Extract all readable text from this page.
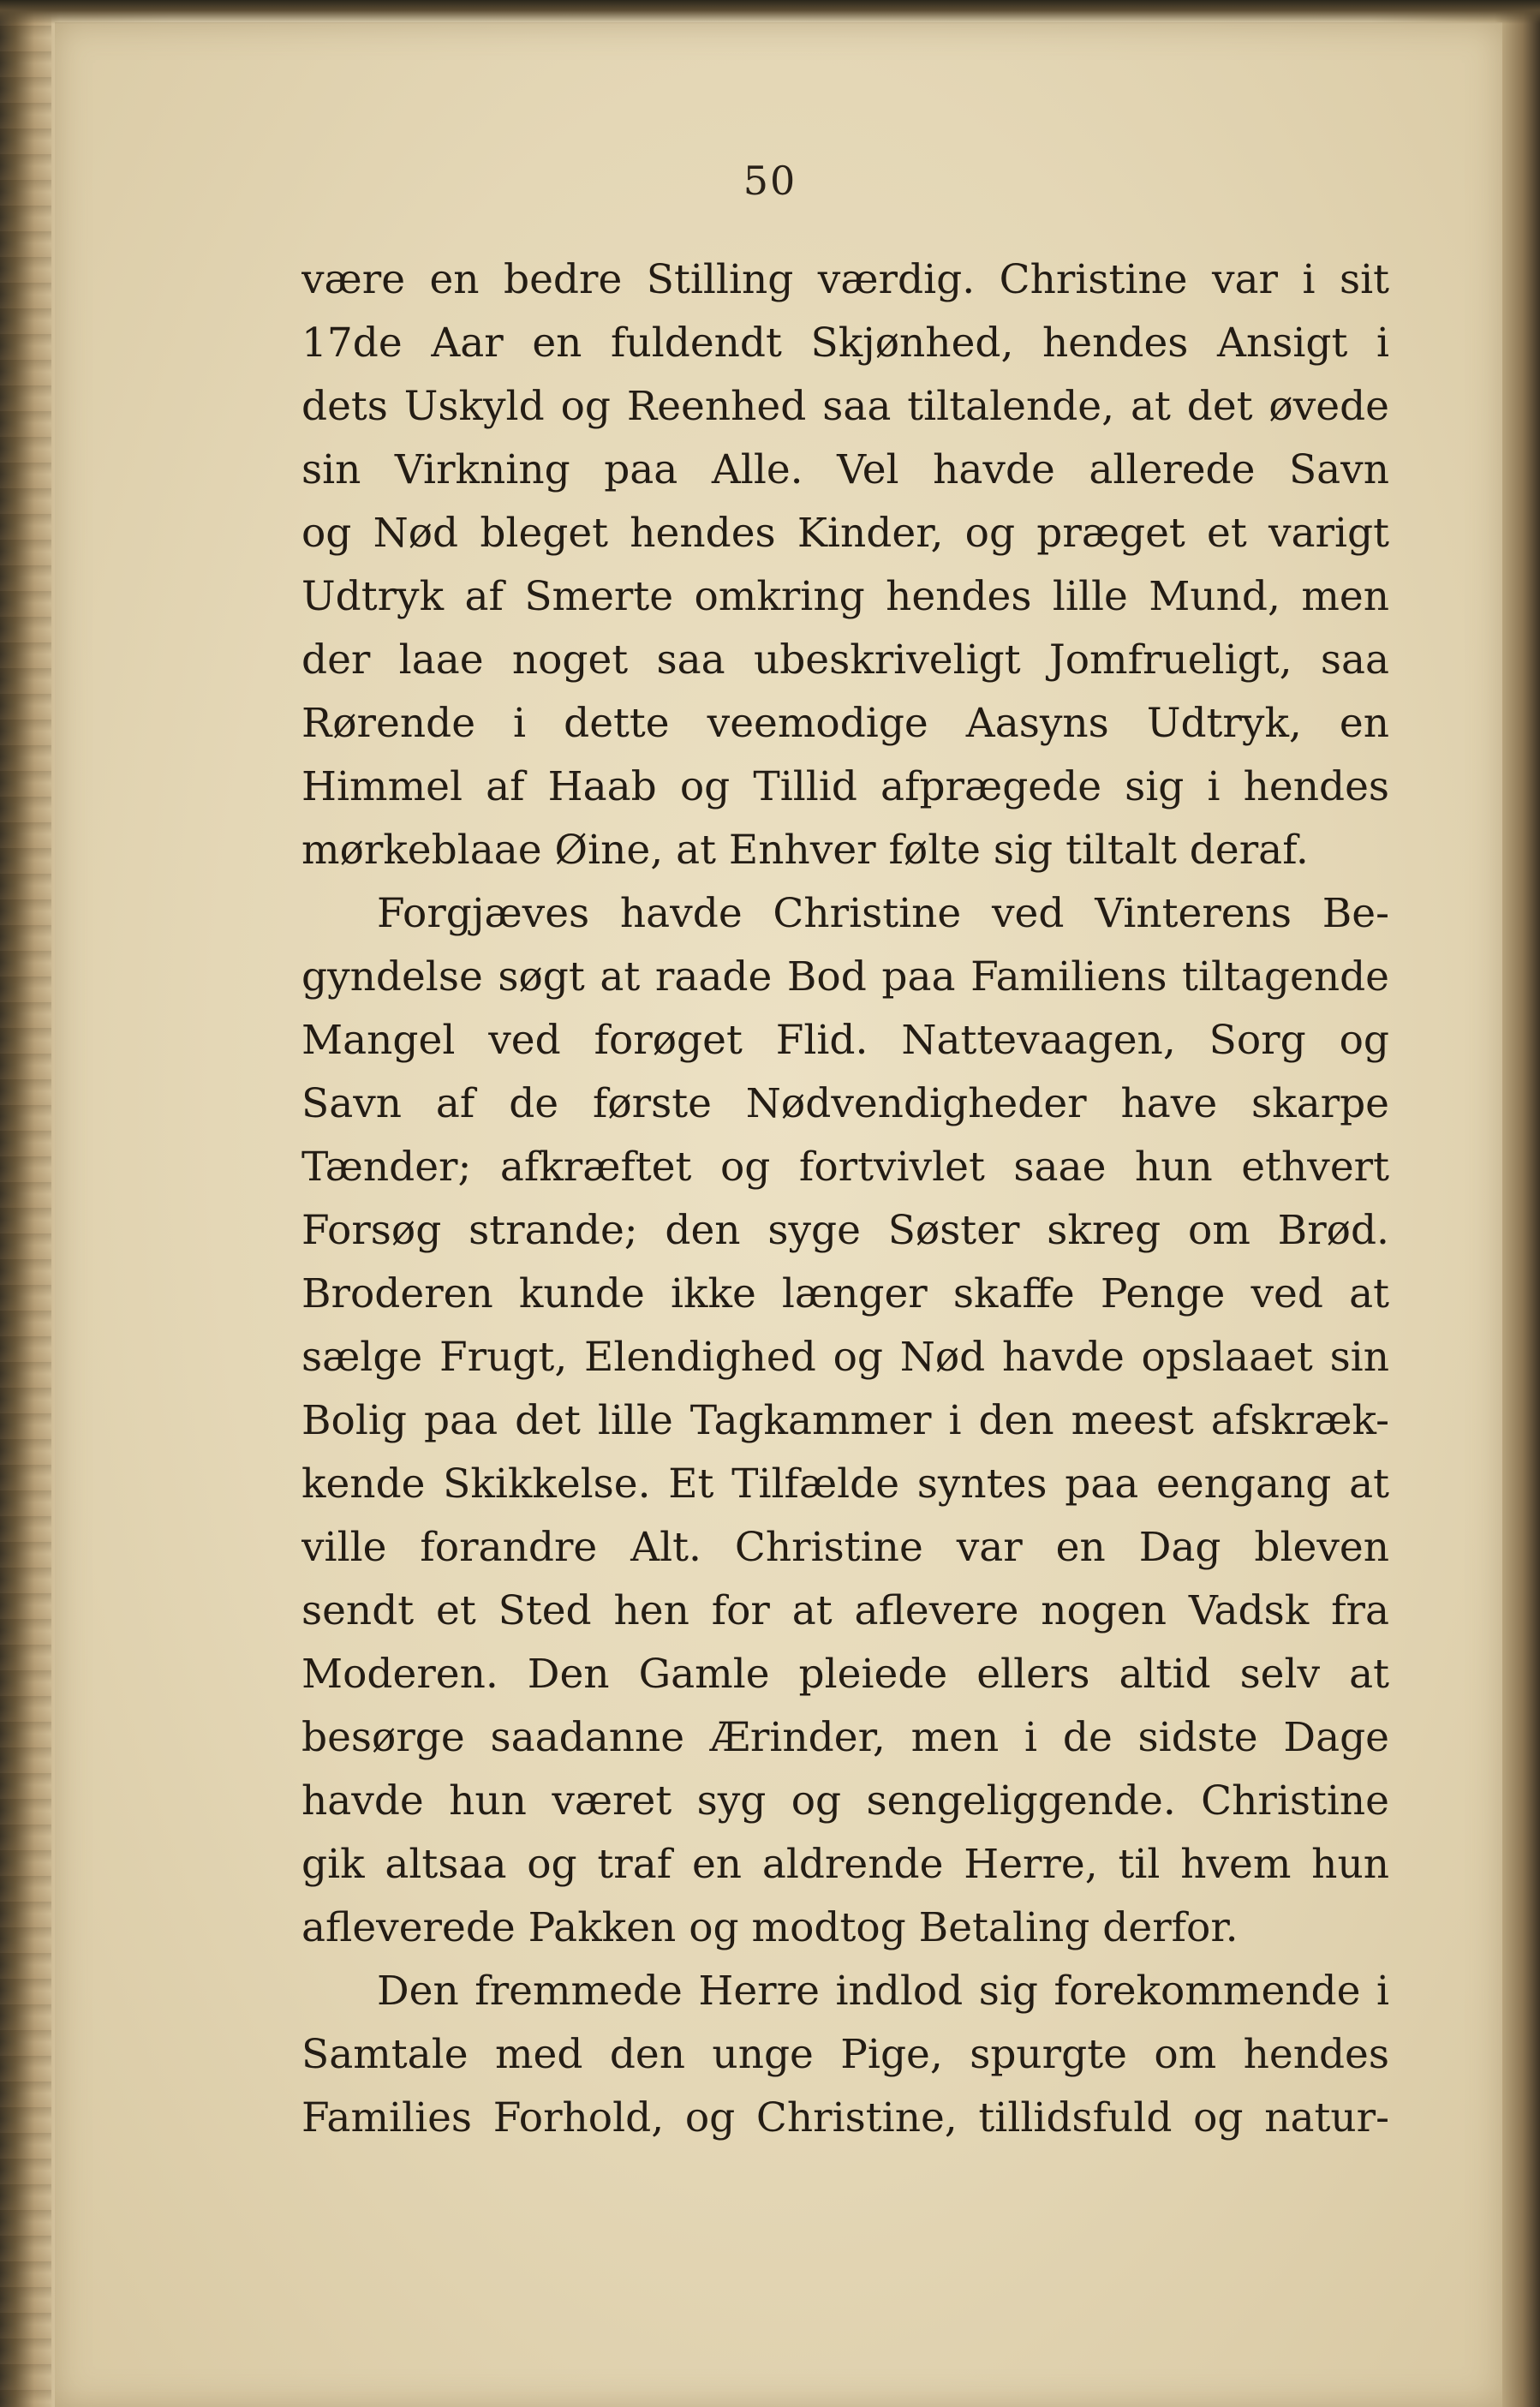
50
være en bedre Stilling værdig. Christine var i sit
17de Aar en fuldendt Skjønhed, hendes Ansigt i
dets Uskyld og Reenhed saa tiltalende, at det øvede
sin Virkning paa Alle. Vel havde allerede Savn
og Nød bleget hendes Kinder, og præget et varigt
Udtryk af Smerte omkring hendes lille Mund, men
der laae noget saa ubeskriveligt Jomfrueligt, saa
Rørende i dette veemodige Aasyns Udtryk, en
Himmel af Haab og Tillid afprægede sig i hendes
mørkeblaae Øine, at Enhver følte sig tiltalt deraf.
Forgjæves havde Christine ved Vinterens Be-
gyndelse søgt at raade Bod paa Familiens tiltagende
Mangel ved forøget Flid. Nattevaagen, Sorg og
Savn af de første Nødvendigheder have skarpe
Tænder; afkræftet og fortvivlet saae hun ethvert
Forsøg strande; den syge Søster skreg om Brød.
Broderen kunde ikke længer skaffe Penge ved at
sælge Frugt, Elendighed og Nød havde opslaaet sin
Bolig paa det lille Tagkammer i den meest afskræk-
kende Skikkelse. Et Tilfælde syntes paa eengang at
ville forandre Alt. Christine var en Dag bleven
sendt et Sted hen for at aflevere nogen Vadsk fra
Moderen. Den Gamle pleiede ellers altid selv at
besørge saadanne Ærinder, men i de sidste Dage
havde hun været syg og sengeliggende. Christine
gik altsaa og traf en aldrende Herre, til hvem hun
afleverede Pakken og modtog Betaling derfor.
Den fremmede Herre indlod sig forekommende i
Samtale med den unge Pige, spurgte om hendes
Families Forhold, og Christine, tillidsfuld og natur-
